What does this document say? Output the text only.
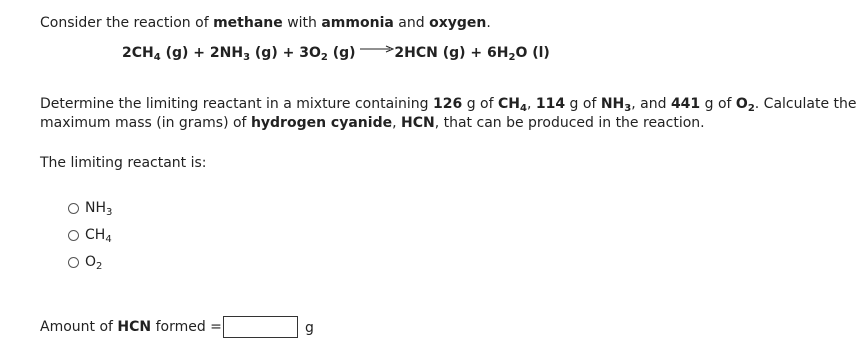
Consider the reaction of methane with ammonia and oxygen.
$2CH_4$ $(g) + 2NH_3$ $(g) + 3O_2$ (g) →2HCN $(g) + 6H_2O$ (l)
Determine the limiting reactant in a mixture containing 126 g of $CH_4$, 114 g of $NH_3$, and 441 g of $O_2$. Calculate the
maximum mass (in grams) of hydrogen cyanide, HCN, that can be produced in the reaction.
The limiting reactant is:
$NH_3$
$CH_4$
$O_2$
Amount of HCN formed =	g
